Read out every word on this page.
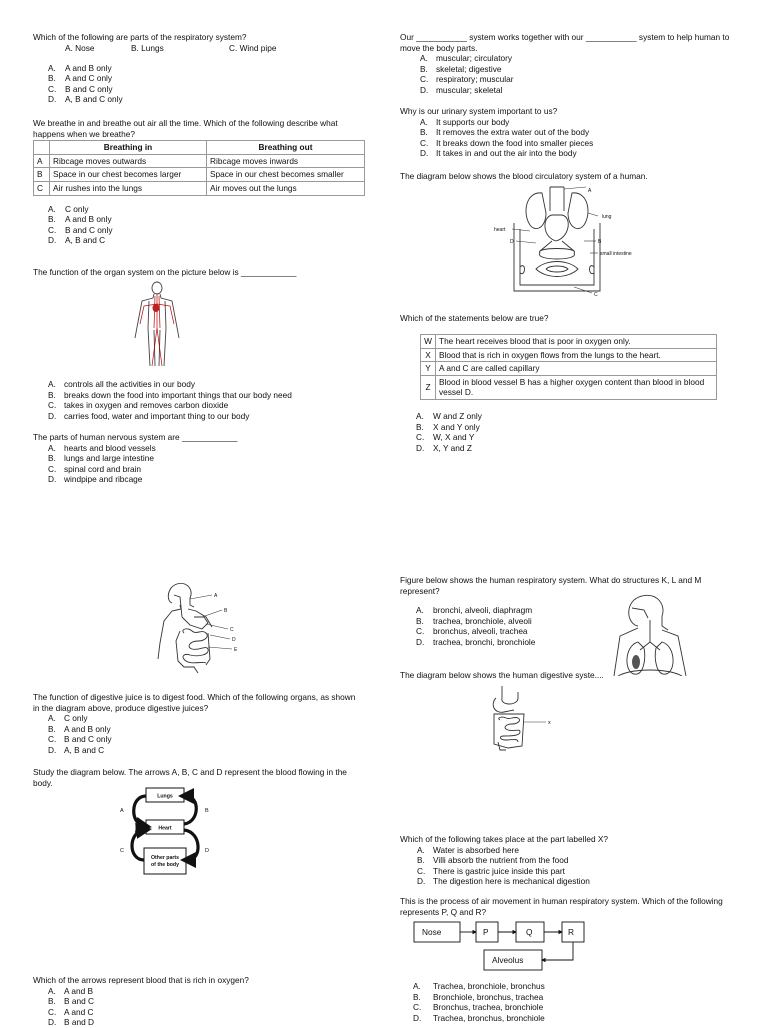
Which of the following are parts of the respiratory system?

A. Nose	B. Lungs	C. Wind pipe
A.	A and B only
B.	A and C only
C.	B and C only
D.	A, B and C only

We breathe in and breathe out air all the time. Which of the following describe what happens when we breathe?

	Breathing in	Breathing out
A	Ribcage moves outwards	Ribcage moves inwards
B	Space in our chest becomes larger	Space in our chest becomes smaller
C	Air rushes into the lungs	Air moves out the lungs
A.	C only
B.	A and B only
C.	B and C only
D.	A, B and C

The function of the organ system on the picture below is ____________

A. controls all the activities in our body
B. breaks down the food into important things that our body need
C. takes in oxygen and removes carbon dioxide
D. carries food, water and important thing to our body

The parts of human nervous system are ____________

A. hearts and blood vessels
B. lungs and large intestine
C. spinal cord and brain
D. windpipe and ribcage
A
B
C
D
E

The function of digestive juice is to digest food. Which of the following organs, as shown in the diagram above, produce digestive juices?

A. C only
B. A and B only
C. B and C only
D. A, B and C

Study the diagram below. The arrows A, B, C and D represent the blood flowing in the body.

Lungs
Heart
Other parts
of the body
A	B
C	D

Which of the arrows represent blood that is rich in oxygen?

A. A and B
B. B and C
C. A and C
D. B and D

Our ___________ system works together with our ___________ system to help human to move the body parts.

A. muscular; circulatory
B. skeletal; digestive
C. respiratory; muscular
D. muscular; skeletal

Why is our urinary system important to us?

A. It supports our body
B. It removes the extra water out of the body
C. It breaks down the food into smaller pieces
D. It takes in and out the air into the body

The diagram below shows the blood circulatory system of a human.

A
lung
heart
D	B
small intestine
C

Which of the statements below are true?

W	The heart receives blood that is poor in oxygen only.
X	Blood that is rich in oxygen flows from the lungs to the heart.
Y	A and C are called capillary
Z	Blood in blood vessel B has a higher oxygen content than blood in blood vessel D.
A.	W and Z only
B.	X and Y only
C.	W, X and Y
D.	X, Y and Z

Figure below shows the human respiratory system. What do structures K, L and M represent?

A.	bronchi, alveoli, diaphragm
B.	trachea, bronchiole, alveoli
C.	bronchus, alveoli, trachea
D.	trachea, bronchi, bronchiole

The diagram below shows the human digestive syste....

x

Which of the following takes place at the part labelled X?

A. Water is absorbed here
B. Villi absorb the nutrient from the food
C. There is gastric juice inside this part
D. The digestion here is mechanical digestion

This is the process of air movement in human respiratory system. Which of the following represents P, Q and R?

Nose	P	Q	R
Alveolus
A.	Trachea, bronchiole, bronchus
B.	Bronchiole, bronchus, trachea
C.	Bronchus, trachea, bronchiole
D.	Trachea, bronchus, bronchiole
